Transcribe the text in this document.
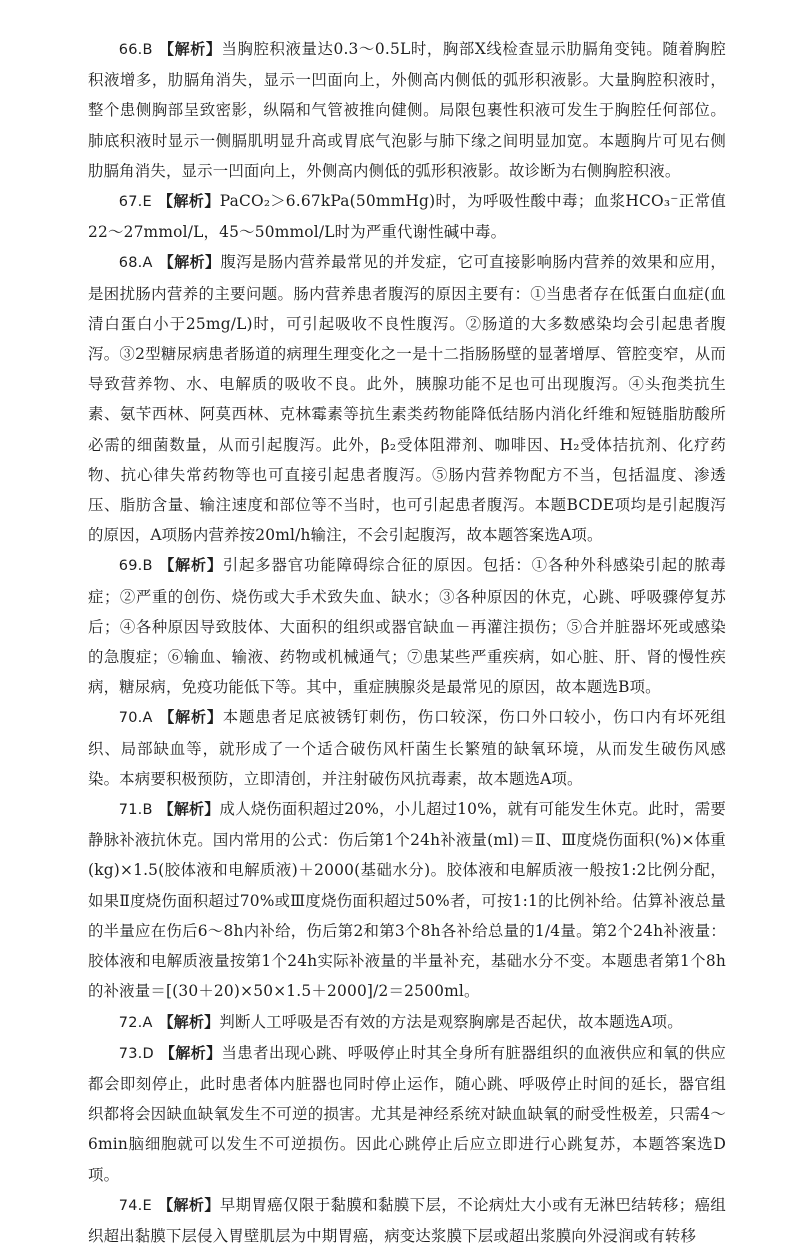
66.B 【解析】当胸腔积液量达0.3～0.5L时，胸部X线检查显示肋膈角变钝。随着胸腔积液增多，肋膈角消失，显示一凹面向上，外侧高内侧低的弧形积液影。大量胸腔积液时，整个患侧胸部呈致密影，纵隔和气管被推向健侧。局限包裹性积液可发生于胸腔任何部位。肺底积液时显示一侧膈肌明显升高或胃底气泡影与肺下缘之间明显加宽。本题胸片可见右侧肋膈角消失，显示一凹面向上，外侧高内侧低的弧形积液影。故诊断为右侧胸腔积液。

67.E 【解析】PaCO₂＞6.67kPa(50mmHg)时，为呼吸性酸中毒；血浆HCO₃⁻正常值22～27mmol/L，45～50mmol/L时为严重代谢性碱中毒。

68.A 【解析】腹泻是肠内营养最常见的并发症，它可直接影响肠内营养的效果和应用，是困扰肠内营养的主要问题。肠内营养患者腹泻的原因主要有：①当患者存在低蛋白血症(血清白蛋白小于25mg/L)时，可引起吸收不良性腹泻。②肠道的大多数感染均会引起患者腹泻。③2型糖尿病患者肠道的病理生理变化之一是十二指肠肠壁的显著增厚、管腔变窄，从而导致营养物、水、电解质的吸收不良。此外，胰腺功能不足也可出现腹泻。④头孢类抗生素、氨苄西林、阿莫西林、克林霉素等抗生素类药物能降低结肠内消化纤维和短链脂肪酸所必需的细菌数量，从而引起腹泻。此外，β₂受体阻滞剂、咖啡因、H₂受体拮抗剂、化疗药物、抗心律失常药物等也可直接引起患者腹泻。⑤肠内营养物配方不当，包括温度、渗透压、脂肪含量、输注速度和部位等不当时，也可引起患者腹泻。本题BCDE项均是引起腹泻的原因，A项肠内营养按20ml/h输注，不会引起腹泻，故本题答案选A项。

69.B 【解析】引起多器官功能障碍综合征的原因。包括：①各种外科感染引起的脓毒症；②严重的创伤、烧伤或大手术致失血、缺水；③各种原因的休克，心跳、呼吸骤停复苏后；④各种原因导致肢体、大面积的组织或器官缺血－再灌注损伤；⑤合并脏器坏死或感染的急腹症；⑥输血、输液、药物或机械通气；⑦患某些严重疾病，如心脏、肝、肾的慢性疾病，糖尿病，免疫功能低下等。其中，重症胰腺炎是最常见的原因，故本题选B项。

70.A 【解析】本题患者足底被锈钉刺伤，伤口较深，伤口外口较小，伤口内有坏死组织、局部缺血等，就形成了一个适合破伤风杆菌生长繁殖的缺氧环境，从而发生破伤风感染。本病要积极预防，立即清创，并注射破伤风抗毒素，故本题选A项。

71.B 【解析】成人烧伤面积超过20%，小儿超过10%，就有可能发生休克。此时，需要静脉补液抗休克。国内常用的公式：伤后第1个24h补液量(ml)＝Ⅱ、Ⅲ度烧伤面积(%)×体重(kg)×1.5(胶体液和电解质液)＋2000(基础水分)。胶体液和电解质液一般按1:2比例分配，如果Ⅱ度烧伤面积超过70%或Ⅲ度烧伤面积超过50%者，可按1:1的比例补给。估算补液总量的半量应在伤后6～8h内补给，伤后第2和第3个8h各补给总量的1/4量。第2个24h补液量：胶体液和电解质液量按第1个24h实际补液量的半量补充，基础水分不变。本题患者第1个8h的补液量＝[(30＋20)×50×1.5＋2000]/2＝2500ml。

72.A 【解析】判断人工呼吸是否有效的方法是观察胸廓是否起伏，故本题选A项。

73.D 【解析】当患者出现心跳、呼吸停止时其全身所有脏器组织的血液供应和氧的供应都会即刻停止，此时患者体内脏器也同时停止运作，随心跳、呼吸停止时间的延长，器官组织都将会因缺血缺氧发生不可逆的损害。尤其是神经系统对缺血缺氧的耐受性极差，只需4～6min脑细胞就可以发生不可逆损伤。因此心跳停止后应立即进行心跳复苏，本题答案选D项。

74.E 【解析】早期胃癌仅限于黏膜和黏膜下层，不论病灶大小或有无淋巴结转移；癌组织超出黏膜下层侵入胃壁肌层为中期胃癌，病变达浆膜下层或超出浆膜向外浸润或有转移
